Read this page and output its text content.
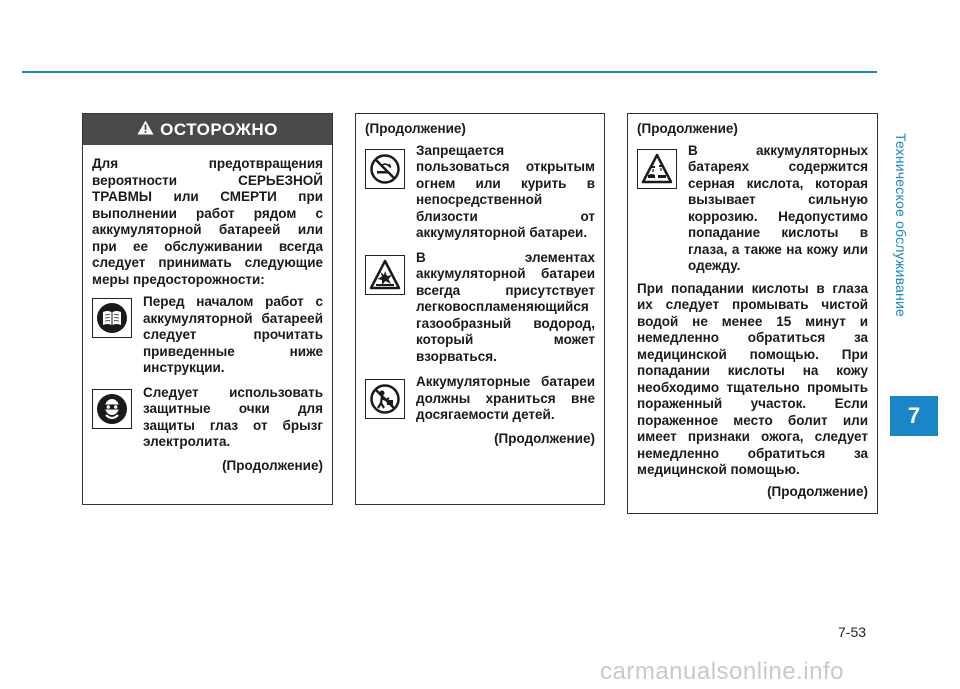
Техническое обслуживание
7
ОСТОРОЖНО
Для предотвращения вероятности СЕРЬЕЗНОЙ ТРАВМЫ или СМЕРТИ при выполнении работ рядом с аккумуляторной батареей или при ее обслуживании всегда следует принимать следующие меры предосторожности:
Перед началом работ с аккумуляторной батареей следует прочитать приведенные ниже инструкции.
Следует использовать защитные очки для защиты глаз от брызг электролита.
(Продолжение)
(Продолжение)
Запрещается пользоваться открытым огнем или курить в непосредственной близости от аккумуляторной батареи.
В элементах аккумуляторной батареи всегда присутствует легковоспламеняющийся газообразный водород, который может взорваться.
Аккумуляторные батареи должны храниться вне досягаемости детей.
(Продолжение)
(Продолжение)
В аккумуляторных батареях содержится серная кислота, которая вызывает сильную коррозию. Недопустимо попадание кислоты в глаза, а также на кожу или одежду.
При попадании кислоты в глаза их следует промывать чистой водой не менее 15 минут и немедленно обратиться за медицинской помощью. При попадании кислоты на кожу необходимо тщательно промыть пораженный участок. Если пораженное место болит или имеет признаки ожога, следует немедленно обратиться за медицинской помощью.
(Продолжение)
7-53
carmanualsonline.info
